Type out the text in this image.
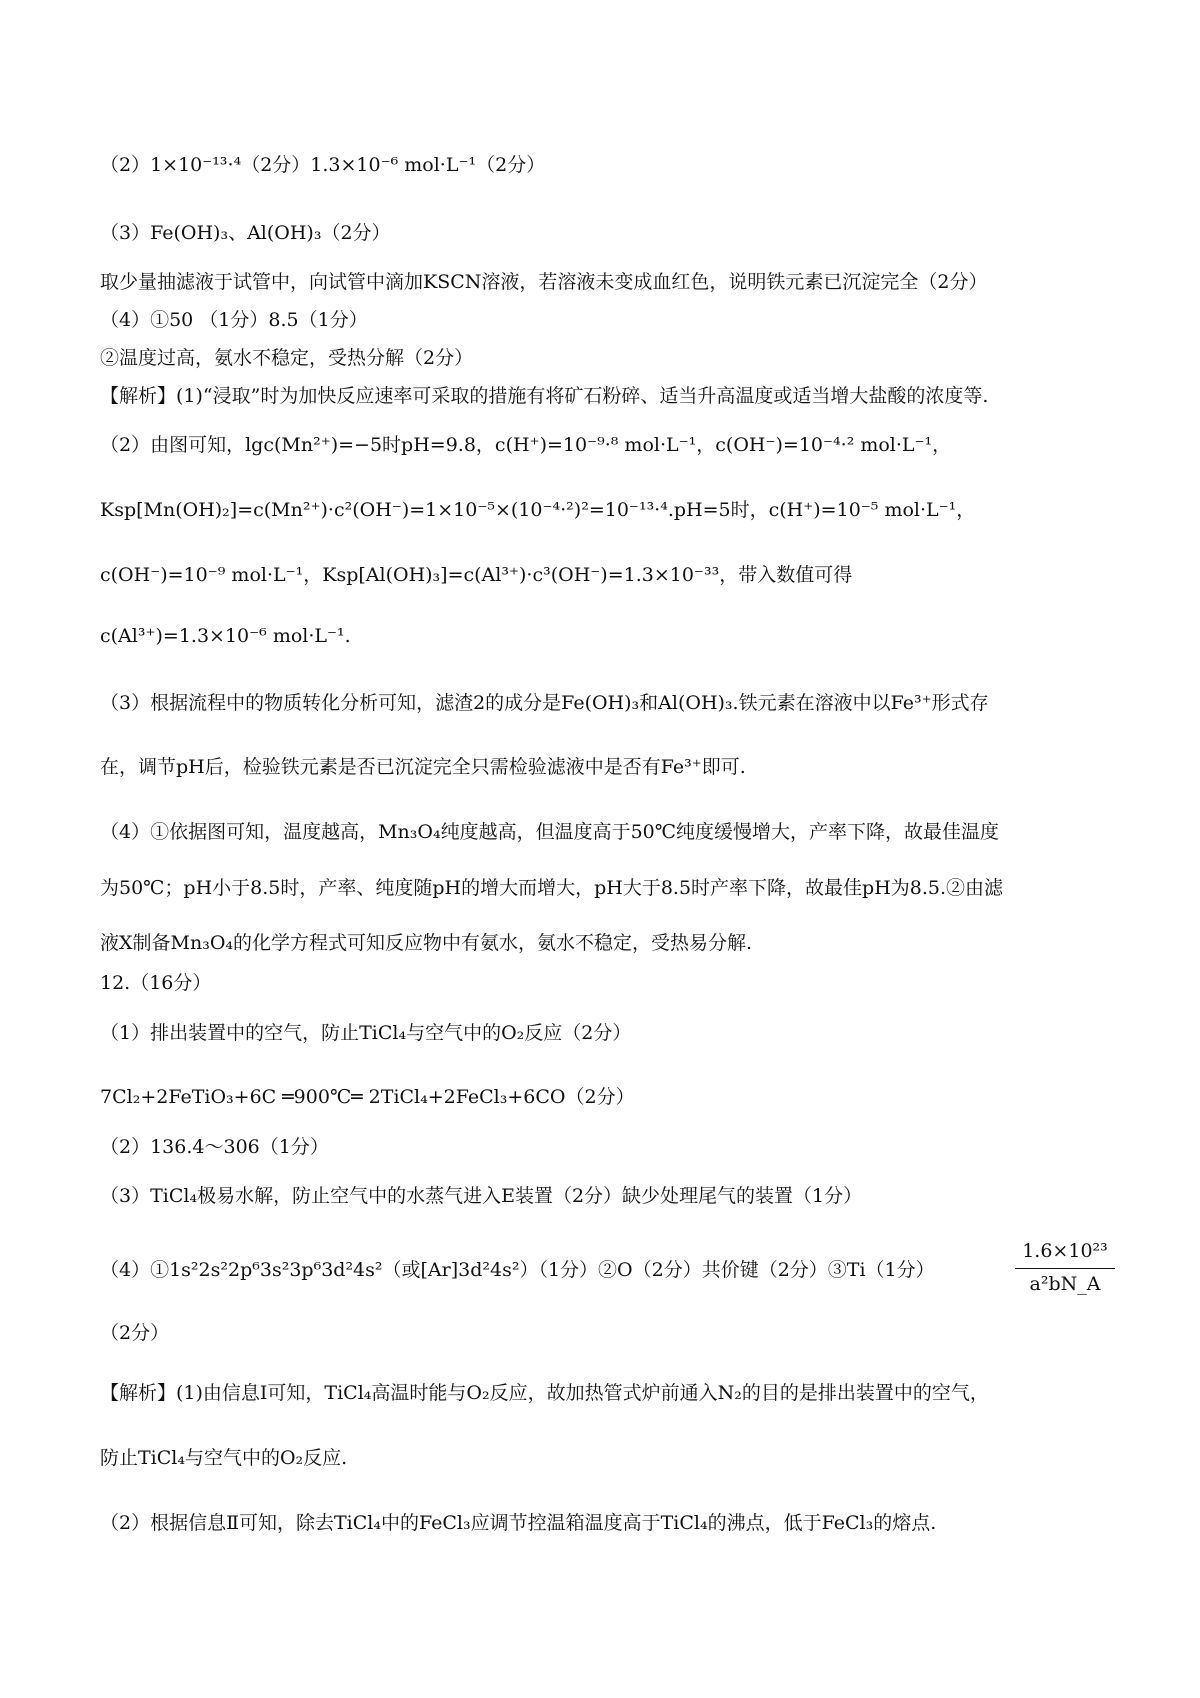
（2）1×10⁻¹³·⁴（2分）1.3×10⁻⁶ mol·L⁻¹（2分）
（3）Fe(OH)₃、Al(OH)₃（2分）
取少量抽滤液于试管中，向试管中滴加KSCN溶液，若溶液未变成血红色，说明铁元素已沉淀完全（2分）
（4）①50 （1分）8.5（1分）
②温度过高，氨水不稳定，受热分解（2分）
【解析】(1)“浸取”时为加快反应速率可采取的措施有将矿石粉碎、适当升高温度或适当增大盐酸的浓度等.
（2）由图可知，lgc(Mn²⁺)=−5时pH=9.8，c(H⁺)=10⁻⁹·⁸ mol·L⁻¹，c(OH⁻)=10⁻⁴·² mol·L⁻¹，
Ksp[Mn(OH)₂]=c(Mn²⁺)·c²(OH⁻)=1×10⁻⁵×(10⁻⁴·²)²=10⁻¹³·⁴.pH=5时，c(H⁺)=10⁻⁵ mol·L⁻¹，
c(OH⁻)=10⁻⁹ mol·L⁻¹，Ksp[Al(OH)₃]=c(Al³⁺)·c³(OH⁻)=1.3×10⁻³³，带入数值可得
c(Al³⁺)=1.3×10⁻⁶ mol·L⁻¹.
（3）根据流程中的物质转化分析可知，滤渣2的成分是Fe(OH)₃和Al(OH)₃.铁元素在溶液中以Fe³⁺形式存
在，调节pH后，检验铁元素是否已沉淀完全只需检验滤液中是否有Fe³⁺即可.
（4）①依据图可知，温度越高，Mn₃O₄纯度越高，但温度高于50℃纯度缓慢增大，产率下降，故最佳温度
为50℃；pH小于8.5时，产率、纯度随pH的增大而增大，pH大于8.5时产率下降，故最佳pH为8.5.②由滤
液X制备Mn₃O₄的化学方程式可知反应物中有氨水，氨水不稳定，受热易分解.
12.（16分）
（1）排出装置中的空气，防止TiCl₄与空气中的O₂反应（2分）
7Cl₂+2FeTiO₃+6C ═900℃═ 2TiCl₄+2FeCl₃+6CO（2分）
（2）136.4～306（1分）
（3）TiCl₄极易水解，防止空气中的水蒸气进入E装置（2分）缺少处理尾气的装置（1分）
（4）①1s²2s²2p⁶3s²3p⁶3d²4s²（或[Ar]3d²4s²）（1分）②O（2分）共价键（2分）③Ti（1分）	$\frac{\text{1.6×10²³}}{\text{a²bN\_A}}$
（2分）
【解析】(1)由信息Ⅰ可知，TiCl₄高温时能与O₂反应，故加热管式炉前通入N₂的目的是排出装置中的空气，
防止TiCl₄与空气中的O₂反应.
（2）根据信息Ⅱ可知，除去TiCl₄中的FeCl₃应调节控温箱温度高于TiCl₄的沸点，低于FeCl₃的熔点.
